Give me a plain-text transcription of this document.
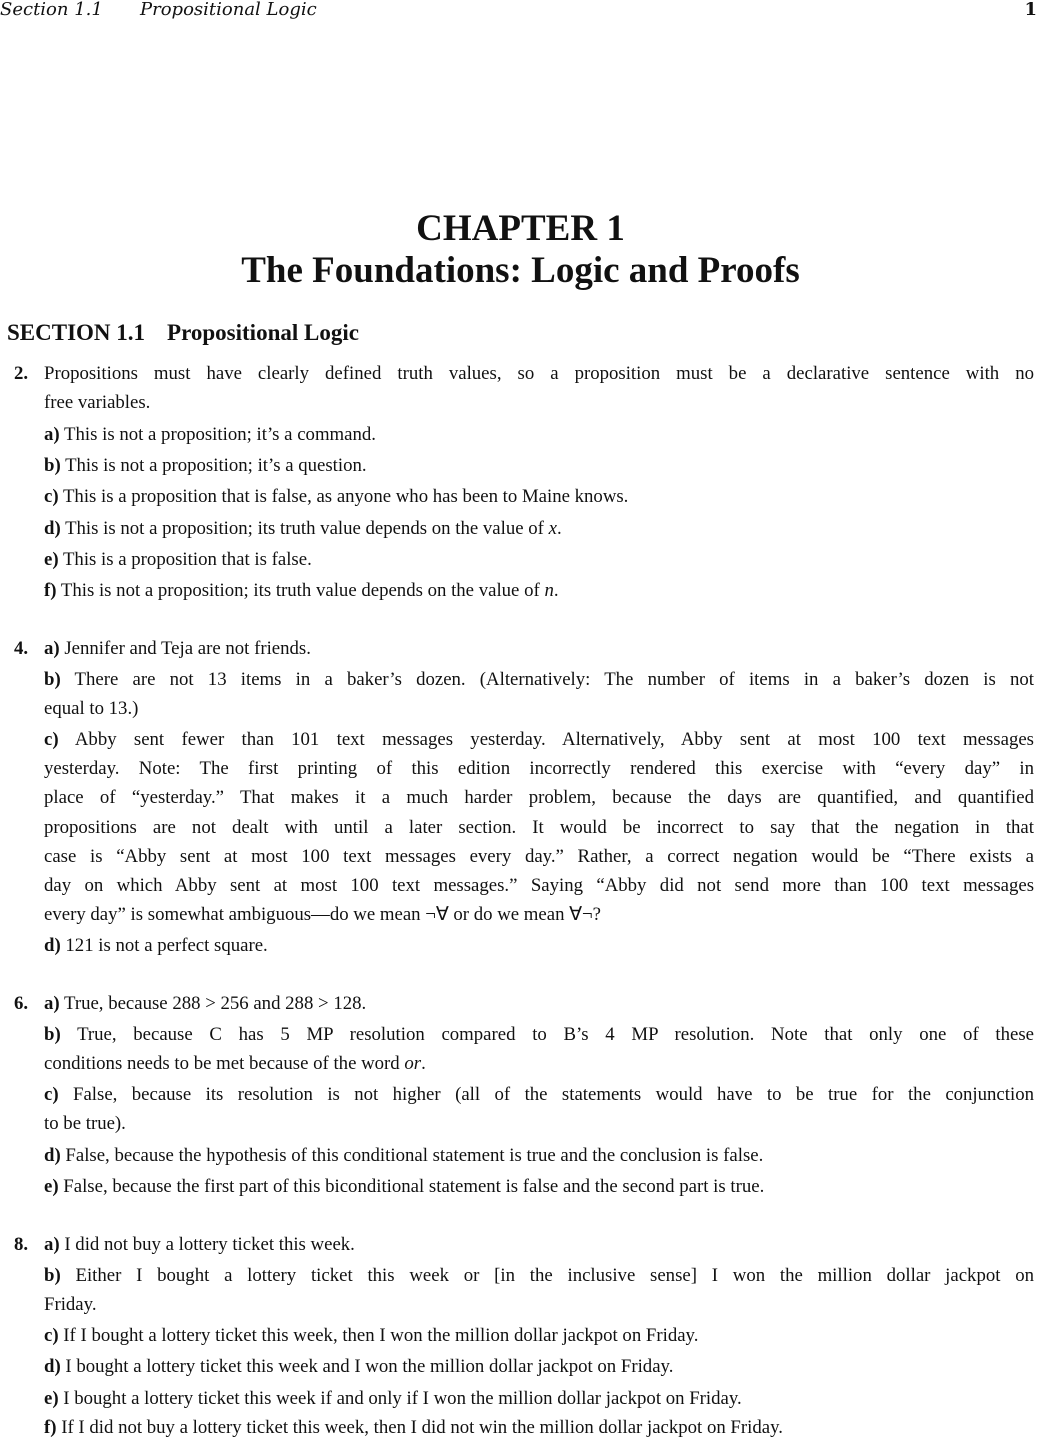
Section 1.1 Propositional Logic	1
CHAPTER 1
The Foundations: Logic and Proofs
SECTION 1.1 Propositional Logic
2. Propositions must have clearly defined truth values, so a proposition must be a declarative sentence with no
free variables.
a) This is not a proposition; it’s a command.
b) This is not a proposition; it’s a question.
c) This is a proposition that is false, as anyone who has been to Maine knows.
d) This is not a proposition; its truth value depends on the value of x.
e) This is a proposition that is false.
f) This is not a proposition; its truth value depends on the value of n.
4. a) Jennifer and Teja are not friends.
b) There are not 13 items in a baker’s dozen. (Alternatively: The number of items in a baker’s dozen is not
equal to 13.)
c) Abby sent fewer than 101 text messages yesterday. Alternatively, Abby sent at most 100 text messages
yesterday. Note: The first printing of this edition incorrectly rendered this exercise with “every day” in
place of “yesterday.” That makes it a much harder problem, because the days are quantified, and quantified
propositions are not dealt with until a later section. It would be incorrect to say that the negation in that
case is “Abby sent at most 100 text messages every day.” Rather, a correct negation would be “There exists a
day on which Abby sent at most 100 text messages.” Saying “Abby did not send more than 100 text messages
every day” is somewhat ambiguous—do we mean ¬∀ or do we mean ∀¬?
d) 121 is not a perfect square.
6. a) True, because 288 > 256 and 288 > 128.
b) True, because C has 5 MP resolution compared to B’s 4 MP resolution. Note that only one of these
conditions needs to be met because of the word or.
c) False, because its resolution is not higher (all of the statements would have to be true for the conjunction
to be true).
d) False, because the hypothesis of this conditional statement is true and the conclusion is false.
e) False, because the first part of this biconditional statement is false and the second part is true.
8. a) I did not buy a lottery ticket this week.
b) Either I bought a lottery ticket this week or [in the inclusive sense] I won the million dollar jackpot on
Friday.
c) If I bought a lottery ticket this week, then I won the million dollar jackpot on Friday.
d) I bought a lottery ticket this week and I won the million dollar jackpot on Friday.
e) I bought a lottery ticket this week if and only if I won the million dollar jackpot on Friday.
f) If I did not buy a lottery ticket this week, then I did not win the million dollar jackpot on Friday.
